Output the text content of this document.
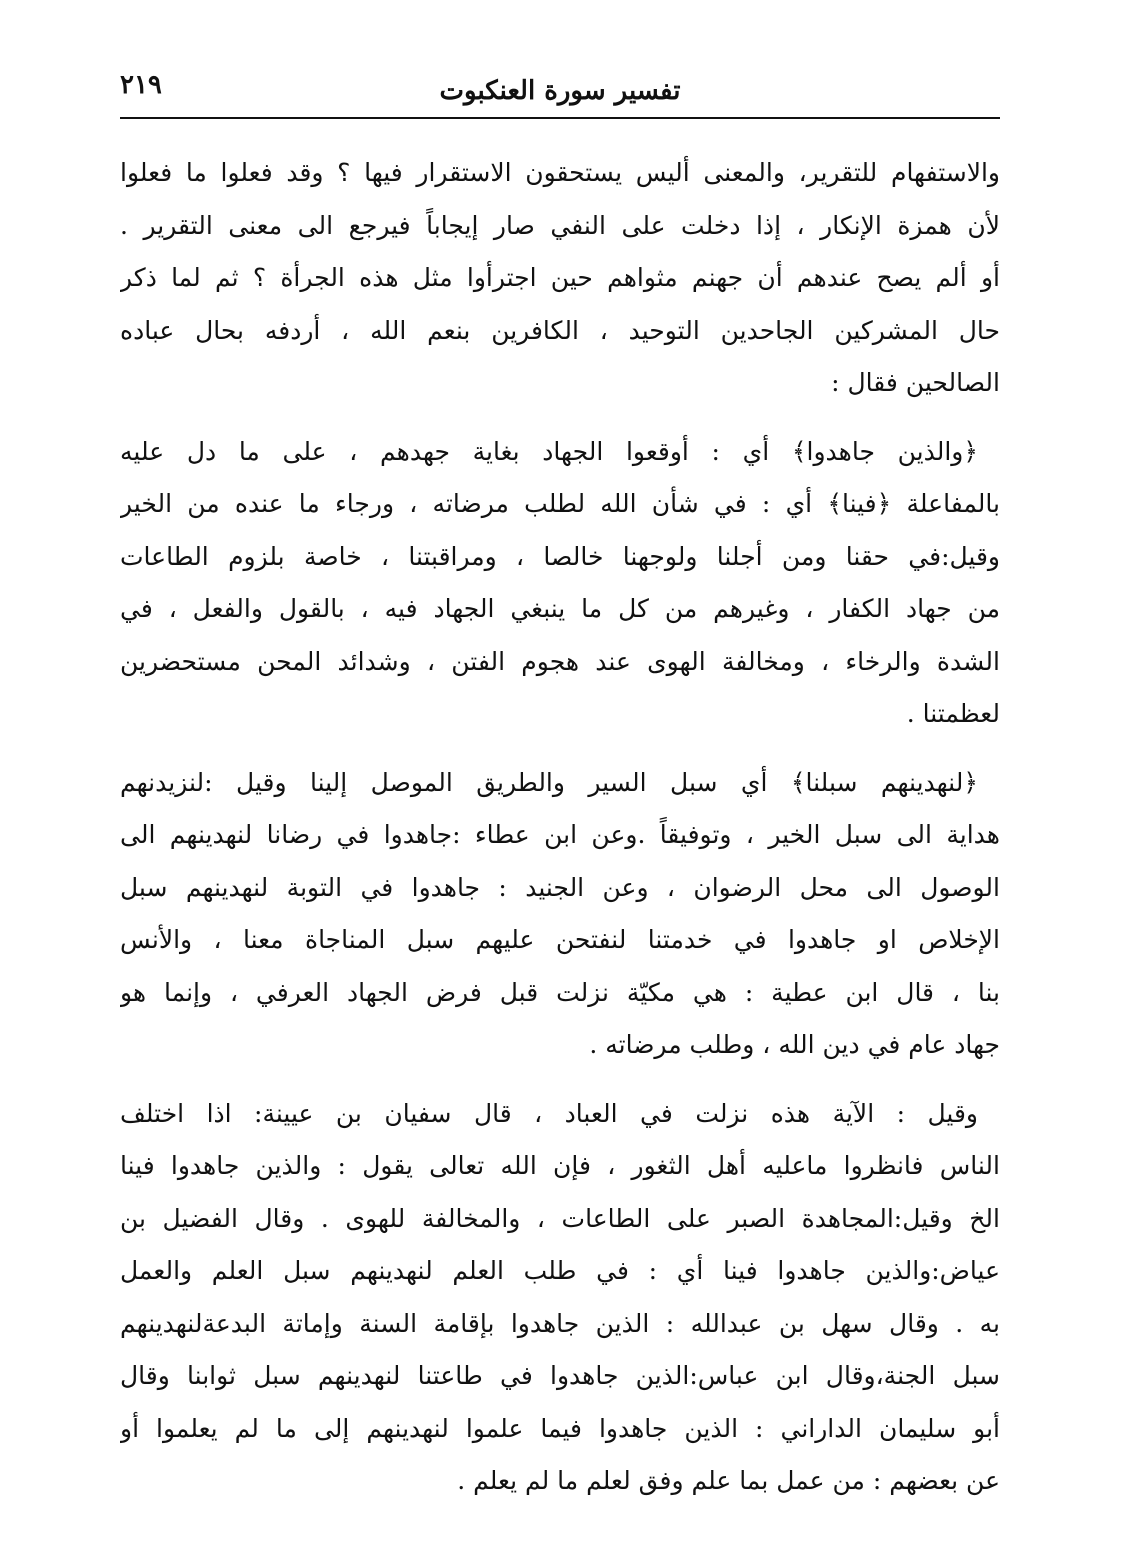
تفسير سورة العنكبوت
٢١٩
والاستفهام للتقرير، والمعنى أليس يستحقون الاستقرار فيها ؟ وقد فعلوا ما فعلوا
لأن همزة الإنكار ، إذا دخلت على النفي صار إيجاباً فيرجع الى معنى التقرير .
أو ألم يصح عندهم أن جهنم مثواهم حين اجترأوا مثل هذه الجرأة ؟ ثم لما ذكر
حال المشركين الجاحدين التوحيد ، الكافرين بنعم الله ، أردفه بحال عباده
الصالحين فقال :
﴿والذين جاهدوا﴾ أي : أوقعوا الجهاد بغاية جهدهم ، على ما دل عليه
بالمفاعلة ﴿فينا﴾ أي : في شأن الله لطلب مرضاته ، ورجاء ما عنده من الخير
وقيل:في حقنا ومن أجلنا ولوجهنا خالصا ، ومراقبتنا ، خاصة بلزوم الطاعات
من جهاد الكفار ، وغيرهم من كل ما ينبغي الجهاد فيه ، بالقول والفعل ، في
الشدة والرخاء ، ومخالفة الهوى عند هجوم الفتن ، وشدائد المحن مستحضرين
لعظمتنا .
﴿لنهدينهم سبلنا﴾ أي سبل السير والطريق الموصل إلينا وقيل :لنزيدنهم
هداية الى سبل الخير ، وتوفيقاً .وعن ابن عطاء :جاهدوا في رضانا لنهدينهم الى
الوصول الى محل الرضوان ، وعن الجنيد : جاهدوا في التوبة لنهدينهم سبل
الإخلاص او جاهدوا في خدمتنا لنفتحن عليهم سبل المناجاة معنا ، والأنس
بنا ، قال ابن عطية : هي مكيّة نزلت قبل فرض الجهاد العرفي ، وإنما هو
جهاد عام في دين الله ، وطلب مرضاته .
وقيل : الآية هذه نزلت في العباد ، قال سفيان بن عيينة: اذا اختلف
الناس فانظروا ماعليه أهل الثغور ، فإن الله تعالى يقول : والذين جاهدوا فينا
الخ وقيل:المجاهدة الصبر على الطاعات ، والمخالفة للهوى . وقال الفضيل بن
عياض:والذين جاهدوا فينا أي : في طلب العلم لنهدينهم سبل العلم والعمل
به . وقال سهل بن عبدالله : الذين جاهدوا بإقامة السنة وإماتة البدعةلنهدينهم
سبل الجنة،وقال ابن عباس:الذين جاهدوا في طاعتنا لنهدينهم سبل ثوابنا وقال
أبو سليمان الداراني : الذين جاهدوا فيما علموا لنهدينهم إلى ما لم يعلموا أو
عن بعضهم : من عمل بما علم وفق لعلم ما لم يعلم .
